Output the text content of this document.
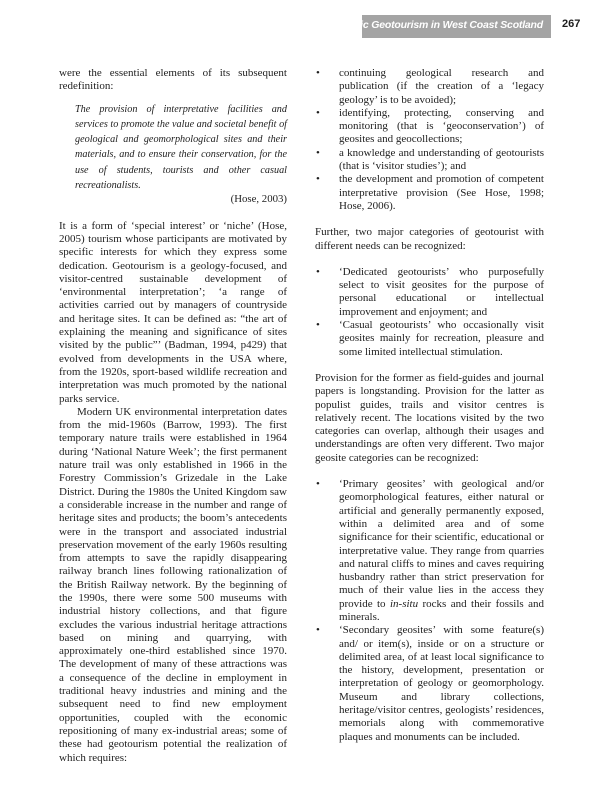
Volcanic Geotourism in West Coast Scotland 267

were the essential elements of its subsequent redefinition:

The provision of interpretative facilities and services to promote the value and societal benefit of geological and geomorphological sites and their materials, and to ensure their conservation, for the use of students, tourists and other casual recreationalists.

(Hose, 2003)

It is a form of ‘special interest’ or ‘niche’ (Hose, 2005) tourism whose participants are motivated by specific interests for which they express some dedication. Geotourism is a geology-focused, and visitor-centred sustainable development of ‘environmental interpretation’; ‘a range of activities carried out by managers of countryside and heritage sites. It can be defined as: “the art of explaining the meaning and significance of sites visited by the public”’ (Badman, 1994, p429) that evolved from developments in the USA where, from the 1920s, sport-based wildlife recreation and interpretation was much promoted by the national parks service.

Modern UK environmental interpretation dates from the mid-1960s (Barrow, 1993). The first temporary nature trails were established in 1964 during ‘National Nature Week’; the first permanent nature trail was only established in 1966 in the Forestry Commission’s Grizedale in the Lake District. During the 1980s the United Kingdom saw a considerable increase in the number and range of heritage sites and products; the boom’s antecedents were in the transport and associated industrial preservation movement of the early 1960s resulting from attempts to save the rapidly disappearing railway branch lines following rationalization of the British Railway network. By the beginning of the 1990s, there were some 500 museums with industrial history collections, and that figure excludes the various industrial heritage attractions based on mining and quarrying, with approximately one-third established since 1970. The development of many of these attractions was a consequence of the decline in employment in traditional heavy industries and mining and the subsequent need to find new employment opportunities, coupled with the economic repositioning of many ex-industrial areas; some of these had geotourism potential the realization of which requires:

• continuing geological research and publication (if the creation of a ‘legacy geology’ is to be avoided);
• identifying, protecting, conserving and monitoring (that is ‘geoconservation’) of geosites and geocollections;
• a knowledge and understanding of geotourists (that is ‘visitor studies’); and
• the development and promotion of competent interpretative provision (See Hose, 1998; Hose, 2006).

Further, two major categories of geotourist with different needs can be recognized:

• ‘Dedicated geotourists’ who purposefully select to visit geosites for the purpose of personal educational or intellectual improvement and enjoyment; and
• ‘Casual geotourists’ who occasionally visit geosites mainly for recreation, pleasure and some limited intellectual stimulation.

Provision for the former as field-guides and journal papers is longstanding. Provision for the latter as populist guides, trails and visitor centres is relatively recent. The locations visited by the two categories can overlap, although their usages and understandings are often very different. Two major geosite categories can be recognized:

• ‘Primary geosites’ with geological and/or geomorphological features, either natural or artificial and generally permanently exposed, within a delimited area and of some significance for their scientific, educational or interpretative value. They range from quarries and natural cliffs to mines and caves requiring husbandry rather than strict preservation for much of their value lies in the access they provide to in-situ rocks and their fossils and minerals.
• ‘Secondary geosites’ with some feature(s) and/ or item(s), inside or on a structure or delimited area, of at least local significance to the history, development, presentation or interpretation of geology or geomorphology. Museum and library collections, heritage/visitor centres, geologists’ residences, memorials along with commemorative plaques and monuments can be included.
